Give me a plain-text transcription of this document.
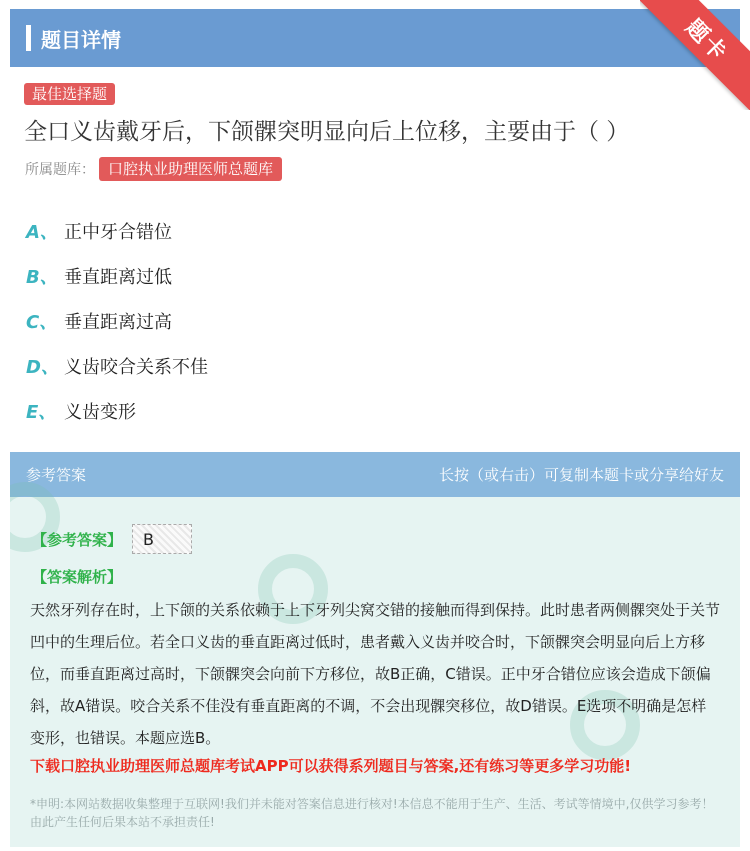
题目详情	题卡
最佳选择题全口义齿戴牙后，下颌髁突明显向后上位移，主要由于（ ）
所属题库： 口腔执业助理医师总题库
A、 正中牙合错位
B、 垂直距离过低
C、 垂直距离过高
D、 义齿咬合关系不佳
E、 义齿变形
参考答案	长按（或右击）可复制本题卡或分享给好友
【参考答案】	B
【答案解析】
天然牙列存在时，上下颌的关系依赖于上下牙列尖窝交错的接触而得到保持。此时患者两侧髁突处于关节凹中的生理后位。若全口义齿的垂直距离过低时，患者戴入义齿并咬合时，下颌髁突会明显向后上方移位，而垂直距离过高时，下颌髁突会向前下方移位，故B正确，C错误。正中牙合错位应该会造成下颌偏斜，故A错误。咬合关系不佳没有垂直距离的不调，不会出现髁突移位，故D错误。E选项不明确是怎样变形，也错误。本题应选B。
下载口腔执业助理医师总题库考试APP可以获得系列题目与答案,还有练习等更多学习功能!
*申明:本网站数据收集整理于互联网!我们并未能对答案信息进行核对!本信息不能用于生产、生活、考试等情境中,仅供学习参考！由此产生任何后果本站不承担责任!
